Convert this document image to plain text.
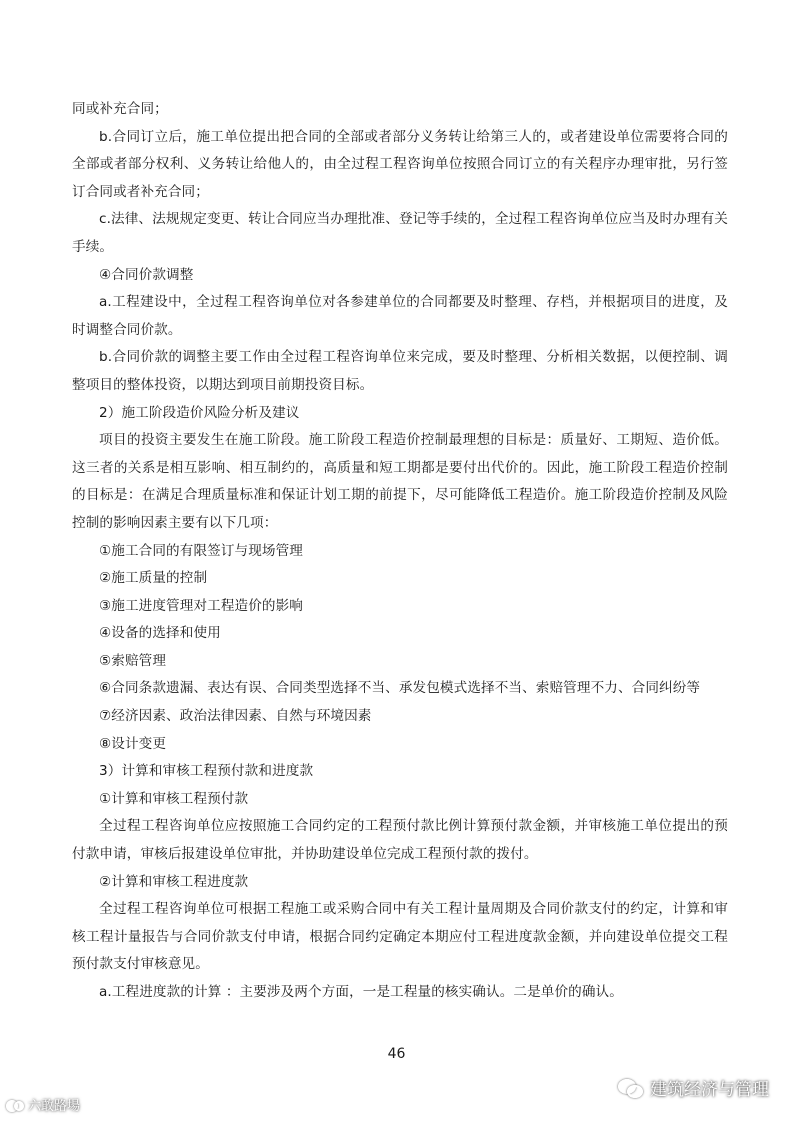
同或补充合同；

b.合同订立后，施工单位提出把合同的全部或者部分义务转让给第三人的，或者建设单位需要将合同的全部或者部分权利、义务转让给他人的，由全过程工程咨询单位按照合同订立的有关程序办理审批，另行签订合同或者补充合同；

c.法律、法规规定变更、转让合同应当办理批准、登记等手续的，全过程工程咨询单位应当及时办理有关手续。

④合同价款调整

a.工程建设中，全过程工程咨询单位对各参建单位的合同都要及时整理、存档，并根据项目的进度，及时调整合同价款。

b.合同价款的调整主要工作由全过程工程咨询单位来完成，要及时整理、分析相关数据，以便控制、调整项目的整体投资，以期达到项目前期投资目标。

2）施工阶段造价风险分析及建议

项目的投资主要发生在施工阶段。施工阶段工程造价控制最理想的目标是：质量好、工期短、造价低。这三者的关系是相互影响、相互制约的，高质量和短工期都是要付出代价的。因此，施工阶段工程造价控制的目标是：在满足合理质量标准和保证计划工期的前提下，尽可能降低工程造价。施工阶段造价控制及风险控制的影响因素主要有以下几项：

①施工合同的有限签订与现场管理

②施工质量的控制

③施工进度管理对工程造价的影响

④设备的选择和使用

⑤索赔管理

⑥合同条款遗漏、表达有误、合同类型选择不当、承发包模式选择不当、索赔管理不力、合同纠纷等

⑦经济因素、政治法律因素、自然与环境因素

⑧设计变更

3）计算和审核工程预付款和进度款

①计算和审核工程预付款

全过程工程咨询单位应按照施工合同约定的工程预付款比例计算预付款金额，并审核施工单位提出的预付款申请，审核后报建设单位审批，并协助建设单位完成工程预付款的拨付。

②计算和审核工程进度款

全过程工程咨询单位可根据工程施工或采购合同中有关工程计量周期及合同价款支付的约定，计算和审核工程计量报告与合同价款支付申请，根据合同约定确定本期应付工程进度款金额，并向建设单位提交工程预付款支付审核意见。

a.工程进度款的计算 ：主要涉及两个方面，一是工程量的核实确认。二是单价的确认。

46
建筑经济与管理
六敢路場
